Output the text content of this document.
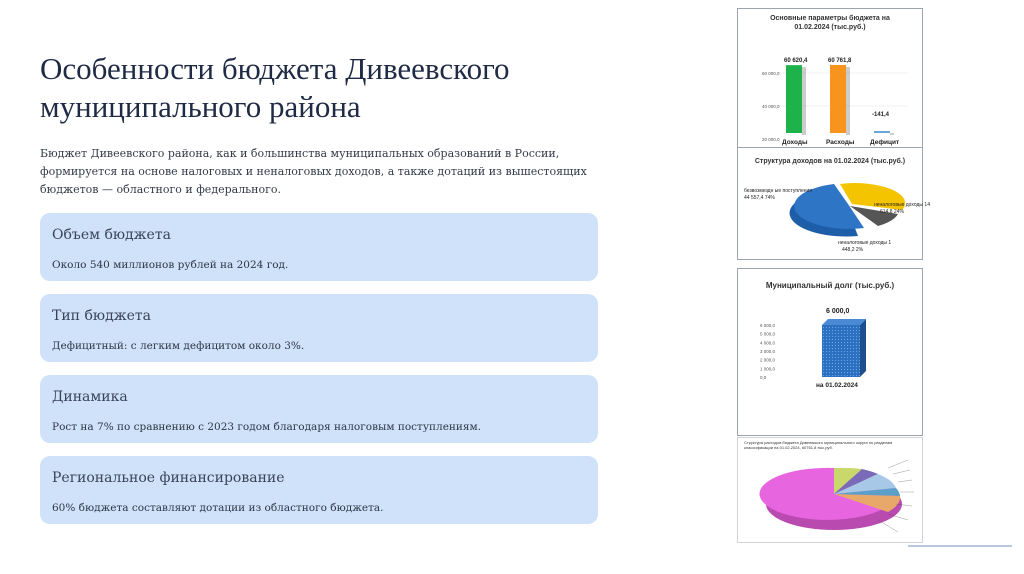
Особенности бюджета Дивеевского муниципального района
Бюджет Дивеевского района, как и большинства муниципальных образований в России, формируется на основе налоговых и неналоговых доходов, а также дотаций из вышестоящих бюджетов — областного и федерального.
Объем бюджета
Около 540 миллионов рублей на 2024 год.
Тип бюджета
Дефицитный: с легким дефицитом около 3%.
Динамика
Рост на 7% по сравнению с 2023 годом благодаря налоговым поступлениям.
Региональное финансирование
60% бюджета составляют дотации из областного бюджета.
Основные параметры бюджета на 01.02.2024 (тыс.руб.)
60 000,0
40 000,0
20 000,0 Доходы	Расходы Дефицит
60 620,4	60 761,8
-141,4
Структура доходов на 01.02.2024 (тыс.руб.)
безвозмездн ые поступления
44 557,4 74%
неналоговые доходы 14
614,8 24%
неналоговые доходы 1
448,2 2%
Муниципальный долг (тыс.руб.)
на 01.02.2024
6 000,0
5 000,0
4 000,0
3 000,0
2 000,0
1 000,0
0,0
6 000,0
Структура расходов бюджета Дивеевского муниципального округа по разделам классификации на 01.02.2024, 60761,8 тыс.руб.
